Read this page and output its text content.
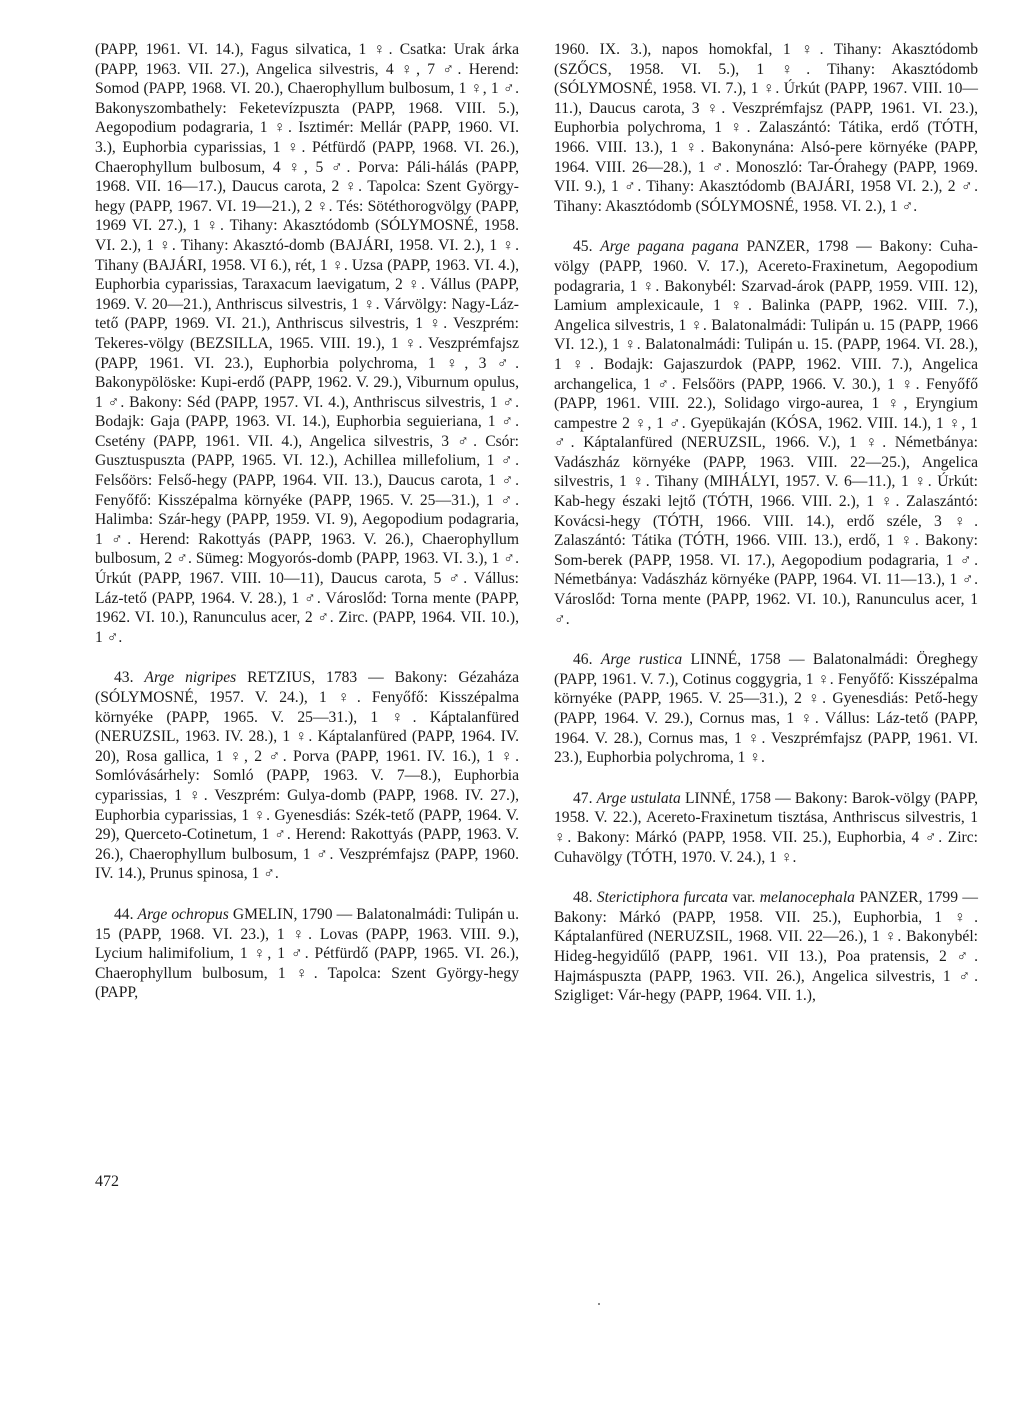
(PAPP, 1961. VI. 14.), Fagus silvatica, 1 ♀. Csatka: Urak árka (PAPP, 1963. VII. 27.), Angelica silvestris, 4 ♀, 7 ♂. Herend: Somod (PAPP, 1968. VI. 20.), Chaerophyllum bulbosum, 1 ♀, 1 ♂. Bakonyszombathely: Feketevízpuszta (PAPP, 1968. VIII. 5.), Aegopodium podagraria, 1 ♀. Isztimér: Mellár (PAPP, 1960. VI. 3.), Euphorbia cyparissias, 1 ♀. Pétfürdő (PAPP, 1968. VI. 26.), Chaerophyllum bulbosum, 4 ♀, 5 ♂. Porva: Páli-hálás (PAPP, 1968. VII. 16—17.), Daucus carota, 2 ♀. Tapolca: Szent György-hegy (PAPP, 1967. VI. 19—21.), 2 ♀. Tés: Sötéthorogvölgy (PAPP, 1969 VI. 27.), 1 ♀. Tihany: Akasztódomb (SÓLYMOSNÉ, 1958. VI. 2.), 1 ♀. Tihany: Akasztó-domb (BAJÁRI, 1958. VI. 2.), 1 ♀. Tihany (BAJÁRI, 1958. VI 6.), rét, 1 ♀. Uzsa (PAPP, 1963. VI. 4.), Euphorbia cyparissias, Taraxacum laevigatum, 2 ♀. Vállus (PAPP, 1969. V. 20—21.), Anthriscus silvestris, 1 ♀. Várvölgy: Nagy-Láz-tető (PAPP, 1969. VI. 21.), Anthriscus silvestris, 1 ♀. Veszprém: Tekeres-völgy (BEZSILLA, 1965. VIII. 19.), 1 ♀. Veszprémfajsz (PAPP, 1961. VI. 23.), Euphorbia polychroma, 1 ♀, 3 ♂. Bakonypölöske: Kupi-erdő (PAPP, 1962. V. 29.), Viburnum opulus, 1 ♂. Bakony: Séd (PAPP, 1957. VI. 4.), Anthriscus silvestris, 1 ♂. Bodajk: Gaja (PAPP, 1963. VI. 14.), Euphorbia seguieriana, 1 ♂. Csetény (PAPP, 1961. VII. 4.), Angelica silvestris, 3 ♂. Csór: Gusztuspuszta (PAPP, 1965. VI. 12.), Achillea millefolium, 1 ♂. Felsőörs: Felső-hegy (PAPP, 1964. VII. 13.), Daucus carota, 1 ♂. Fenyőfő: Kisszépalma környéke (PAPP, 1965. V. 25—31.), 1 ♂. Halimba: Szár-hegy (PAPP, 1959. VI. 9), Aegopodium podagraria, 1 ♂. Herend: Rakottyás (PAPP, 1963. V. 26.), Chaerophyllum bulbosum, 2 ♂. Sümeg: Mogyorós-domb (PAPP, 1963. VI. 3.), 1 ♂. Úrkút (PAPP, 1967. VIII. 10—11), Daucus carota, 5 ♂. Vállus: Láz-tető (PAPP, 1964. V. 28.), 1 ♂. Városlőd: Torna mente (PAPP, 1962. VI. 10.), Ranunculus acer, 2 ♂. Zirc. (PAPP, 1964. VII. 10.), 1 ♂.

43. Arge nigripes RETZIUS, 1783 — Bakony: Gézaháza (SÓLYMOSNÉ, 1957. V. 24.), 1 ♀. Fenyőfő: Kisszépalma környéke (PAPP, 1965. V. 25—31.), 1 ♀. Káptalanfüred (NERUZSIL, 1963. IV. 28.), 1 ♀. Káptalanfüred (PAPP, 1964. IV. 20), Rosa gallica, 1 ♀, 2 ♂. Porva (PAPP, 1961. IV. 16.), 1 ♀. Somlóvásárhely: Somló (PAPP, 1963. V. 7—8.), Euphorbia cyparissias, 1 ♀. Veszprém: Gulya-domb (PAPP, 1968. IV. 27.), Euphorbia cyparissias, 1 ♀. Gyenesdiás: Szék-tető (PAPP, 1964. V. 29), Querceto-Cotinetum, 1 ♂. Herend: Rakottyás (PAPP, 1963. V. 26.), Chaerophyllum bulbosum, 1 ♂. Veszprémfajsz (PAPP, 1960. IV. 14.), Prunus spinosa, 1 ♂.

44. Arge ochropus GMELIN, 1790 — Balatonalmádi: Tulipán u. 15 (PAPP, 1968. VI. 23.), 1 ♀. Lovas (PAPP, 1963. VIII. 9.), Lycium halimifolium, 1 ♀, 1 ♂. Pétfürdő (PAPP, 1965. VI. 26.), Chaerophyllum bulbosum, 1 ♀. Tapolca: Szent György-hegy (PAPP,

1960. IX. 3.), napos homokfal, 1 ♀. Tihany: Akasztódomb (SZŐCS, 1958. VI. 5.), 1 ♀. Tihany: Akasztódomb (SÓLYMOSNÉ, 1958. VI. 7.), 1 ♀. Úrkút (PAPP, 1967. VIII. 10—11.), Daucus carota, 3 ♀. Veszprémfajsz (PAPP, 1961. VI. 23.), Euphorbia polychroma, 1 ♀. Zalaszántó: Tátika, erdő (TÓTH, 1966. VIII. 13.), 1 ♀. Bakonynána: Alsó-pere környéke (PAPP, 1964. VIII. 26—28.), 1 ♂. Monoszló: Tar-Órahegy (PAPP, 1969. VII. 9.), 1 ♂. Tihany: Akasztódomb (BAJÁRI, 1958 VI. 2.), 2 ♂. Tihany: Akasztódomb (SÓLYMOSNÉ, 1958. VI. 2.), 1 ♂.

45. Arge pagana pagana PANZER, 1798 — Bakony: Cuha-völgy (PAPP, 1960. V. 17.), Acereto-Fraxinetum, Aegopodium podagraria, 1 ♀. Bakonybél: Szarvad-árok (PAPP, 1959. VIII. 12), Lamium amplexicaule, 1 ♀. Balinka (PAPP, 1962. VIII. 7.), Angelica silvestris, 1 ♀. Balatonalmádi: Tulipán u. 15 (PAPP, 1966 VI. 12.), 1 ♀. Balatonalmádi: Tulipán u. 15. (PAPP, 1964. VI. 28.), 1 ♀. Bodajk: Gajaszurdok (PAPP, 1962. VIII. 7.), Angelica archangelica, 1 ♂. Felsőörs (PAPP, 1966. V. 30.), 1 ♀. Fenyőfő (PAPP, 1961. VIII. 22.), Solidago virgo-aurea, 1 ♀, Eryngium campestre 2 ♀, 1 ♂. Gyepükaján (KÓSA, 1962. VIII. 14.), 1 ♀, 1 ♂. Káptalanfüred (NERUZSIL, 1966. V.), 1 ♀. Németbánya: Vadászház környéke (PAPP, 1963. VIII. 22—25.), Angelica silvestris, 1 ♀. Tihany (MIHÁLYI, 1957. V. 6—11.), 1 ♀. Úrkút: Kab-hegy északi lejtő (TÓTH, 1966. VIII. 2.), 1 ♀. Zalaszántó: Kovácsi-hegy (TÓTH, 1966. VIII. 14.), erdő széle, 3 ♀. Zalaszántó: Tátika (TÓTH, 1966. VIII. 13.), erdő, 1 ♀. Bakony: Som-berek (PAPP, 1958. VI. 17.), Aegopodium podagraria, 1 ♂. Németbánya: Vadászház környéke (PAPP, 1964. VI. 11—13.), 1 ♂. Városlőd: Torna mente (PAPP, 1962. VI. 10.), Ranunculus acer, 1 ♂.

46. Arge rustica LINNÉ, 1758 — Balatonalmádi: Öreghegy (PAPP, 1961. V. 7.), Cotinus coggygria, 1 ♀. Fenyőfő: Kisszépalma környéke (PAPP, 1965. V. 25—31.), 2 ♀. Gyenesdiás: Pető-hegy (PAPP, 1964. V. 29.), Cornus mas, 1 ♀. Vállus: Láz-tető (PAPP, 1964. V. 28.), Cornus mas, 1 ♀. Veszprémfajsz (PAPP, 1961. VI. 23.), Euphorbia polychroma, 1 ♀.

47. Arge ustulata LINNÉ, 1758 — Bakony: Barok-völgy (PAPP, 1958. V. 22.), Acereto-Fraxinetum tisztása, Anthriscus silvestris, 1 ♀. Bakony: Márkó (PAPP, 1958. VII. 25.), Euphorbia, 4 ♂. Zirc: Cuhavölgy (TÓTH, 1970. V. 24.), 1 ♀.

48. Sterictiphora furcata var. melanocephala PANZER, 1799 — Bakony: Márkó (PAPP, 1958. VII. 25.), Euphorbia, 1 ♀. Káptalanfüred (NERUZSIL, 1968. VII. 22—26.), 1 ♀. Bakonybél: Hideg-hegyidűlő (PAPP, 1961. VII 13.), Poa pratensis, 2 ♂. Hajmáspuszta (PAPP, 1963. VII. 26.), Angelica silvestris, 1 ♂. Szigliget: Vár-hegy (PAPP, 1964. VII. 1.),

472
